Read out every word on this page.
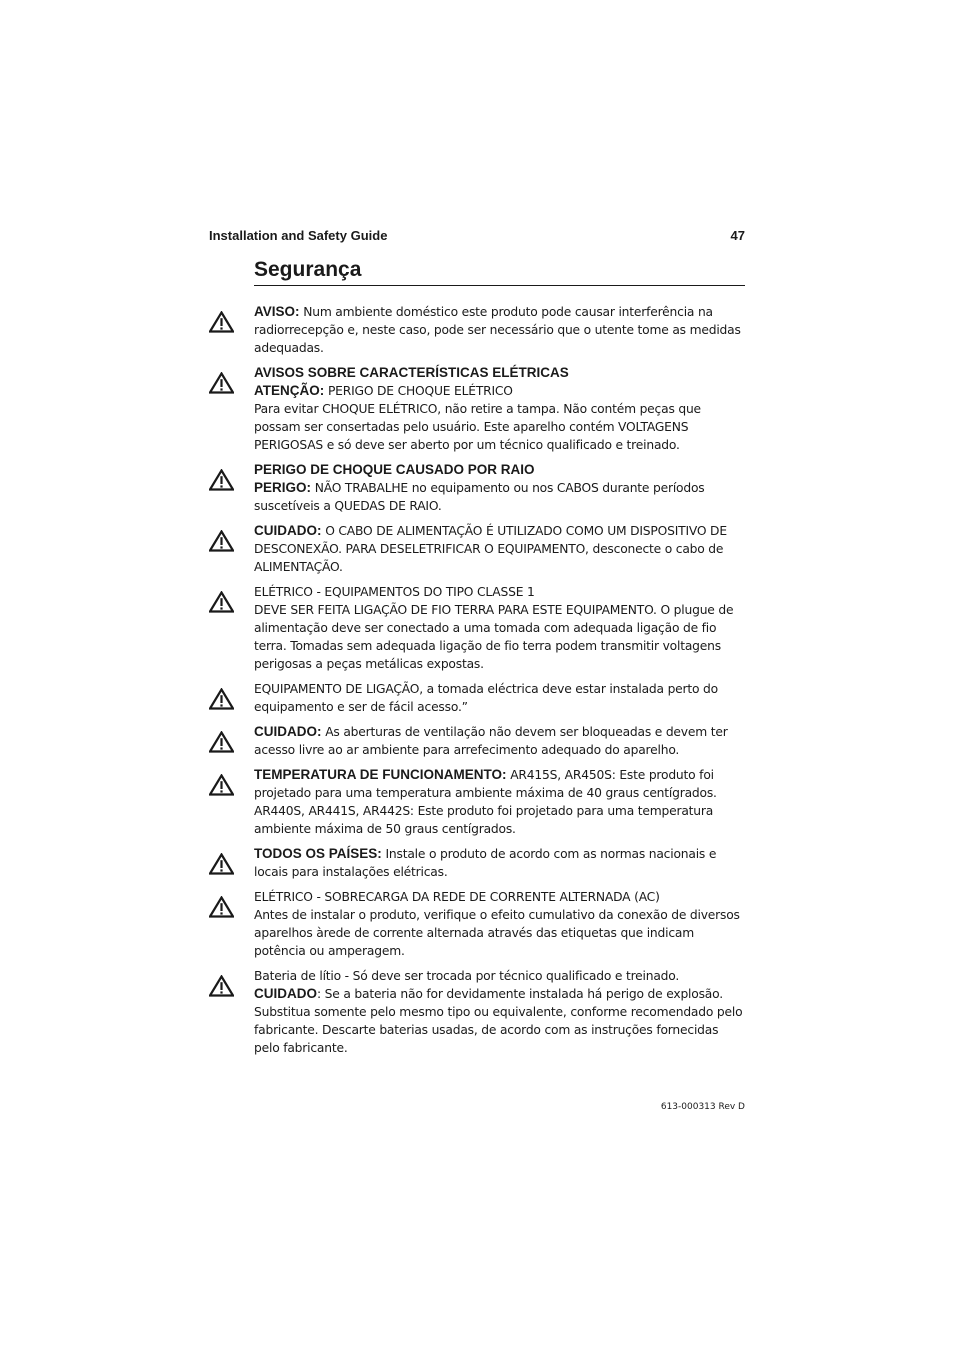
Installation and Safety Guide	47
Segurança

AVISO: Num ambiente doméstico este produto pode causar interferência na radiorrecepção e, neste caso, pode ser necessário que o utente tome as medidas adequadas.

AVISOS SOBRE CARACTERÍSTICAS ELÉTRICAS

ATENÇÃO: PERIGO DE CHOQUE ELÉTRICO

Para evitar CHOQUE ELÉTRICO, não retire a tampa. Não contém peças que possam ser consertadas pelo usuário. Este aparelho contém VOLTAGENS PERIGOSAS e só deve ser aberto por um técnico qualificado e treinado.

PERIGO DE CHOQUE CAUSADO POR RAIO

PERIGO: NÃO TRABALHE no equipamento ou nos CABOS durante períodos suscetíveis a QUEDAS DE RAIO.

CUIDADO: O CABO DE ALIMENTAÇÃO É UTILIZADO COMO UM DISPOSITIVO DE DESCONEXÃO. PARA DESELETRIFICAR O EQUIPAMENTO, desconecte o cabo de ALIMENTAÇÃO.

ELÉTRICO - EQUIPAMENTOS DO TIPO CLASSE 1

DEVE SER FEITA LIGAÇÃO DE FIO TERRA PARA ESTE EQUIPAMENTO. O plugue de alimentação deve ser conectado a uma tomada com adequada ligação de fio terra. Tomadas sem adequada ligação de fio terra podem transmitir voltagens perigosas a peças metálicas expostas.

EQUIPAMENTO DE LIGAÇÃO, a tomada eléctrica deve estar instalada perto do equipamento e ser de fácil acesso.”

CUIDADO: As aberturas de ventilação não devem ser bloqueadas e devem ter acesso livre ao ar ambiente para arrefecimento adequado do aparelho.

TEMPERATURA DE FUNCIONAMENTO: AR415S, AR450S: Este produto foi projetado para uma temperatura ambiente máxima de 40 graus centígrados. AR440S, AR441S, AR442S: Este produto foi projetado para uma temperatura ambiente máxima de 50 graus centígrados.

TODOS OS PAÍSES: Instale o produto de acordo com as normas nacionais e locais para instalações elétricas.

ELÉTRICO - SOBRECARGA DA REDE DE CORRENTE ALTERNADA (AC)

Antes de instalar o produto, verifique o efeito cumulativo da conexão de diversos aparelhos àrede de corrente alternada através das etiquetas que indicam potência ou amperagem.

Bateria de lítio - Só deve ser trocada por técnico qualificado e treinado.

CUIDADO: Se a bateria não for devidamente instalada há perigo de explosão. Substitua somente pelo mesmo tipo ou equivalente, conforme recomendado pelo fabricante. Descarte baterias usadas, de acordo com as instruções fornecidas pelo fabricante.

613-000313 Rev D
